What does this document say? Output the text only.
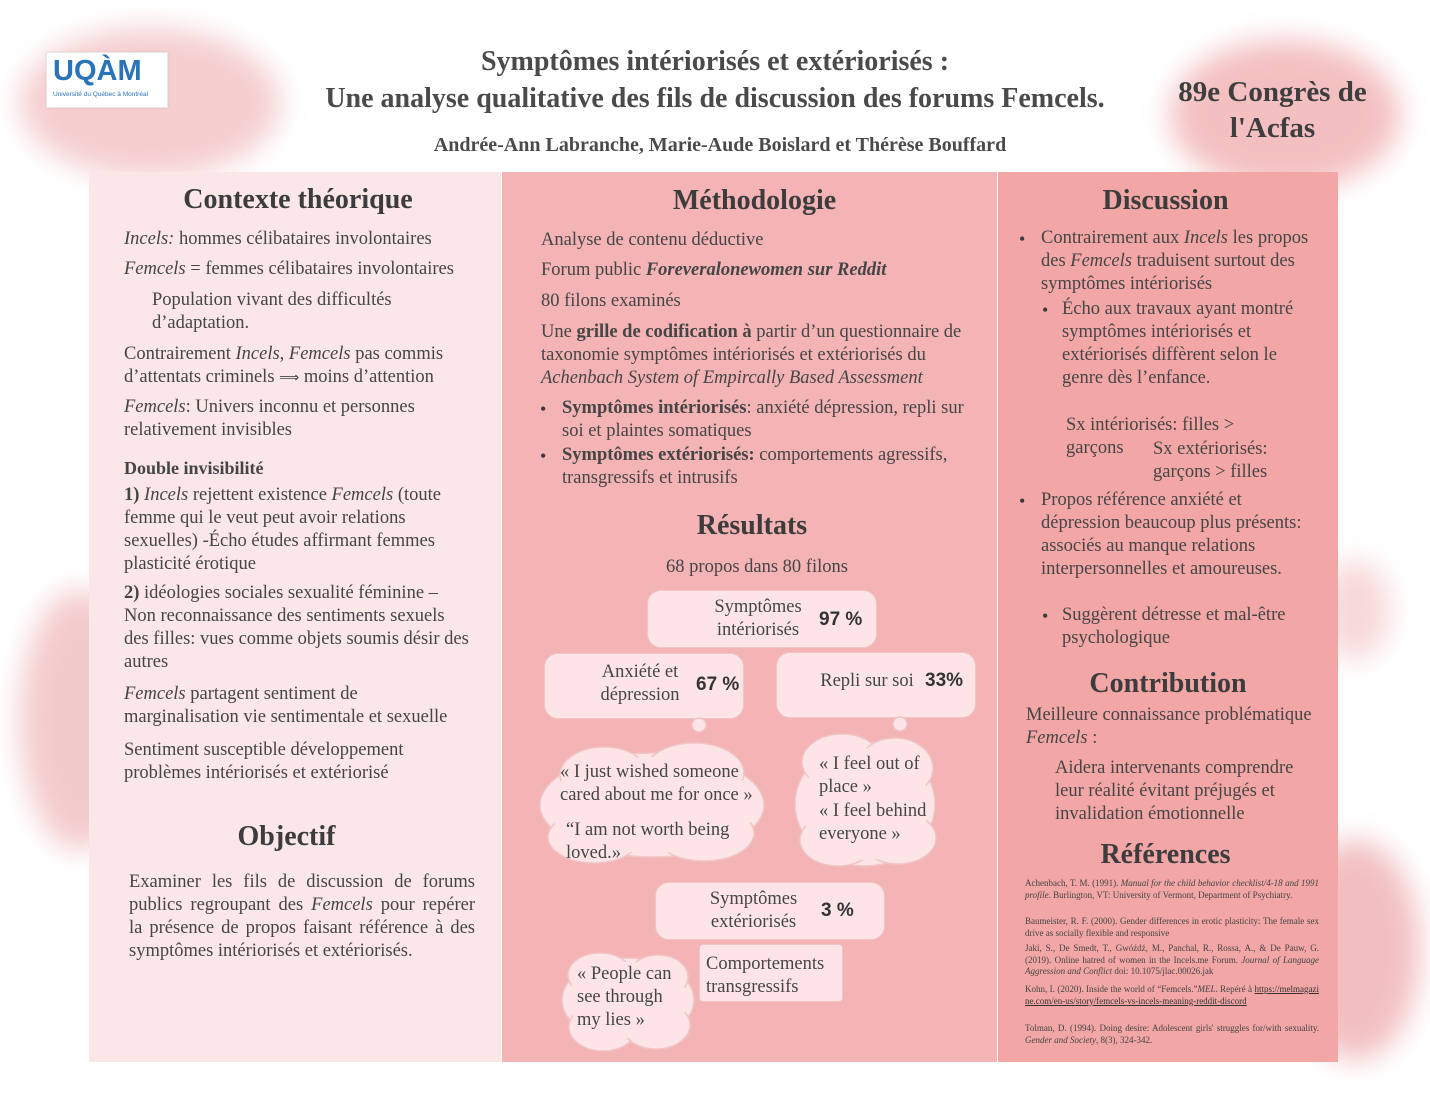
UQÀM
Université du Québec à Montréal
Symptômes intériorisés et extériorisés :
Une analyse qualitative des fils de discussion des forums Femcels.
Andrée-Ann Labranche, Marie-Aude Boislard et Thérèse Bouffard
89e Congrès de
l'Acfas
Contexte théorique
Incels: hommes célibataires involontaires
Femcels = femmes célibataires involontaires
Population vivant des difficultés d’adaptation.
Contrairement Incels, Femcels pas commis
d’attentats criminels ⟹ moins d’attention
Femcels: Univers inconnu et personnes relativement invisibles
Double invisibilité
1) Incels rejettent existence Femcels (toute femme qui le veut peut avoir relations sexuelles) -Écho études affirmant femmes plasticité érotique
2) idéologies sociales sexualité féminine – Non reconnaissance des sentiments sexuels des filles: vues comme objets soumis désir des autres
Femcels partagent sentiment de marginalisation vie sentimentale et sexuelle
Sentiment susceptible développement problèmes intériorisés et extériorisé
Objectif
Examiner les fils de discussion de forums publics regroupant des Femcels pour repérer la présence de propos faisant référence à des symptômes intériorisés et extériorisés.
Méthodologie
Analyse de contenu déductive
Forum public Foreveralonewomen sur Reddit
80 filons examinés
Une grille de codification à partir d’un questionnaire de taxonomie symptômes intériorisés et extériorisés du Achenbach System of Empircally Based Assessment
• Symptômes intériorisés: anxiété dépression, repli sur soi et plaintes somatiques
• Symptômes extériorisés: comportements agressifs, transgressifs et intrusifs
Résultats
68 propos dans 80 filons
Symptômes intériorisés	97 %
Anxiété et dépression 67 %	Repli sur soi 33%
« I just wished someone cared about me for once »
“I am not worth being loved.»
« I feel out of place »
« I feel behind everyone »
Symptômes extériorisés
3 %
Comportements transgressifs
« People can see through my lies »
Discussion
• Contrairement aux Incels les propos des Femcels traduisent surtout des symptômes intériorisés
• Écho aux travaux ayant montré symptômes intériorisés et extériorisés diffèrent selon le genre dès l’enfance.
Sx intériorisés: filles > garçons	Sx extériorisés: garçons > filles
• Propos référence anxiété et dépression beaucoup plus présents: associés au manque relations interpersonnelles et amoureuses.
• Suggèrent détresse et mal-être psychologique
Contribution
Meilleure connaissance problématique Femcels :
Aidera intervenants comprendre leur réalité évitant préjugés et invalidation émotionnelle
Références
Achenbach, T. M. (1991). Manual for the child behavior checklist/4-18 and 1991 profile. Burlington, VT: University of Vermont, Department of Psychiatry.
Baumeister, R. F. (2000). Gender differences in erotic plasticity: The female sex drive as socially flexible and responsive
Jaki, S., De Smedt, T., Gwóźdź, M., Panchal, R., Rossa, A., & De Pauw, G. (2019). Online hatred of women in the Incels.me Forum. Journal of Language Aggression and Conflict doi: 10.1075/jlac.00026.jak
Kohn, I. (2020). Inside the world of “Femcels.”MEL. Repéré à https://melmagazine.com/en-us/story/femcels-vs-incels-meaning-reddit-discord
Tolman, D. (1994). Doing desire: Adolescent girls' struggles for/with sexuality. Gender and Society, 8(3), 324-342.
